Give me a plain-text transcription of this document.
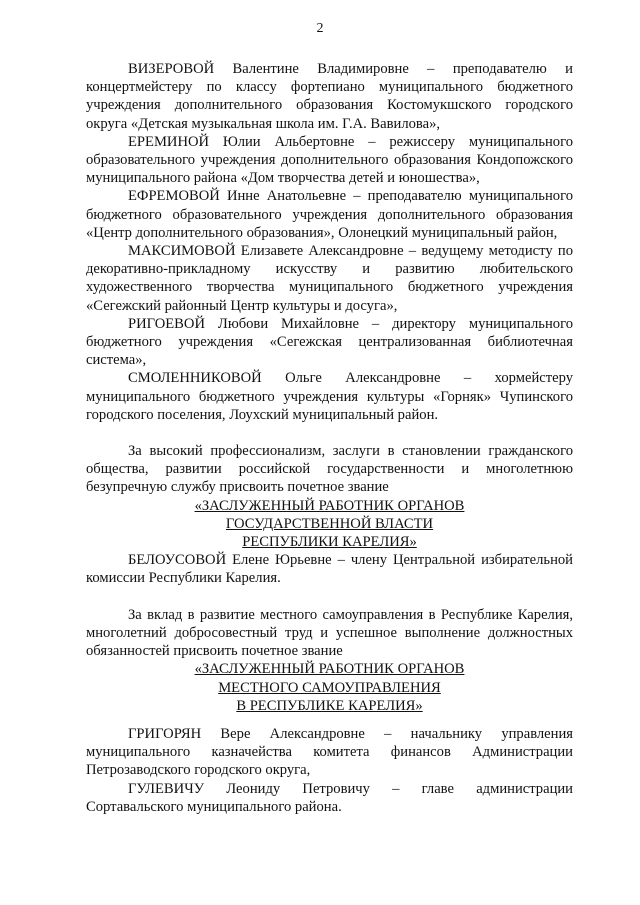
2

ВИЗЕРОВОЙ Валентине Владимировне – преподавателю и концертмейстеру по классу фортепиано муниципального бюджетного учреждения дополнительного образования Костомукшского городского округа «Детская музыкальная школа им. Г.А. Вавилова»,

ЕРЕМИНОЙ Юлии Альбертовне – режиссеру муниципального образовательного учреждения дополнительного образования Кондопожского муниципального района «Дом творчества детей и юношества»,

ЕФРЕМОВОЙ Инне Анатольевне – преподавателю муниципального бюджетного образовательного учреждения дополнительного образования «Центр дополнительного образования», Олонецкий муниципальный район,

МАКСИМОВОЙ Елизавете Александровне – ведущему методисту по декоративно-прикладному искусству и развитию любительского художественного творчества муниципального бюджетного учреждения «Сегежский районный Центр культуры и досуга»,

РИГОЕВОЙ Любови Михайловне – директору муниципального бюджетного учреждения «Сегежская централизованная библиотечная система»,

СМОЛЕННИКОВОЙ Ольге Александровне – хормейстеру муниципального бюджетного учреждения культуры «Горняк» Чупинского городского поселения, Лоухский муниципальный район.

За высокий профессионализм, заслуги в становлении гражданского общества, развитии российской государственности и многолетнюю безупречную службу присвоить почетное звание

«ЗАСЛУЖЕННЫЙ РАБОТНИК ОРГАНОВ

ГОСУДАРСТВЕННОЙ ВЛАСТИ

РЕСПУБЛИКИ КАРЕЛИЯ»

БЕЛОУСОВОЙ Елене Юрьевне – члену Центральной избирательной комиссии Республики Карелия.

За вклад в развитие местного самоуправления в Республике Карелия, многолетний добросовестный труд и успешное выполнение должностных обязанностей присвоить почетное звание

«ЗАСЛУЖЕННЫЙ РАБОТНИК ОРГАНОВ

МЕСТНОГО САМОУПРАВЛЕНИЯ

В РЕСПУБЛИКЕ КАРЕЛИЯ»

ГРИГОРЯН Вере Александровне – начальнику управления муниципального казначейства комитета финансов Администрации Петрозаводского городского округа,

ГУЛЕВИЧУ Леониду Петровичу – главе администрации Сортавальского муниципального района.
